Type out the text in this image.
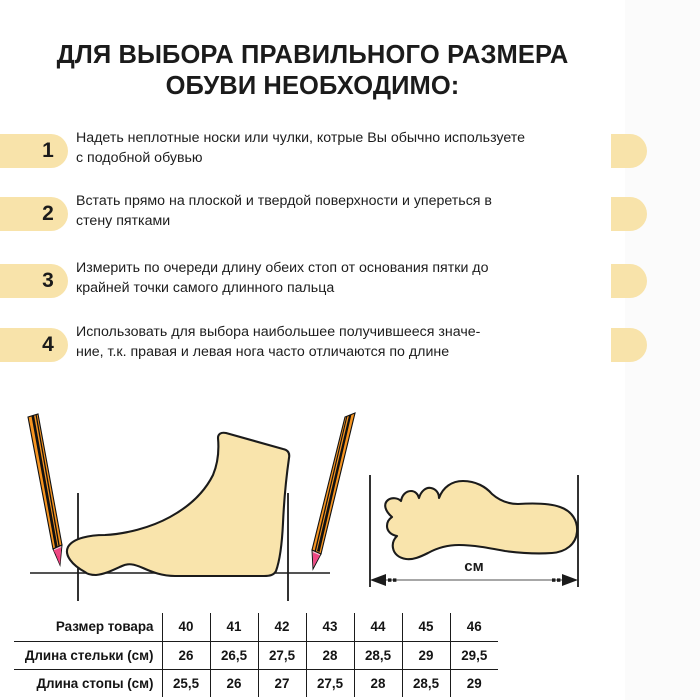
ДЛЯ ВЫБОРА ПРАВИЛЬНОГО РАЗМЕРА
ОБУВИ НЕОБХОДИМО:
1
Надеть неплотные носки или чулки, котрые Вы обычно используете
с подобной обувью
2
Встать прямо на плоской и твердой поверхности и упереться в
стену пятками
3
Измерить по очереди длину обеих стоп от основания пятки до
крайней точки самого длинного пальца
4
Использовать для выбора наибольшее получившееся значе-
ние, т.к. правая и левая нога часто отличаются по длине
см
Размер товара	40	41	42	43	44	45	46
Длина стельки (см)	26	26,5	27,5	28	28,5	29	29,5
Длина стопы (см)	25,5	26	27	27,5	28	28,5	29
